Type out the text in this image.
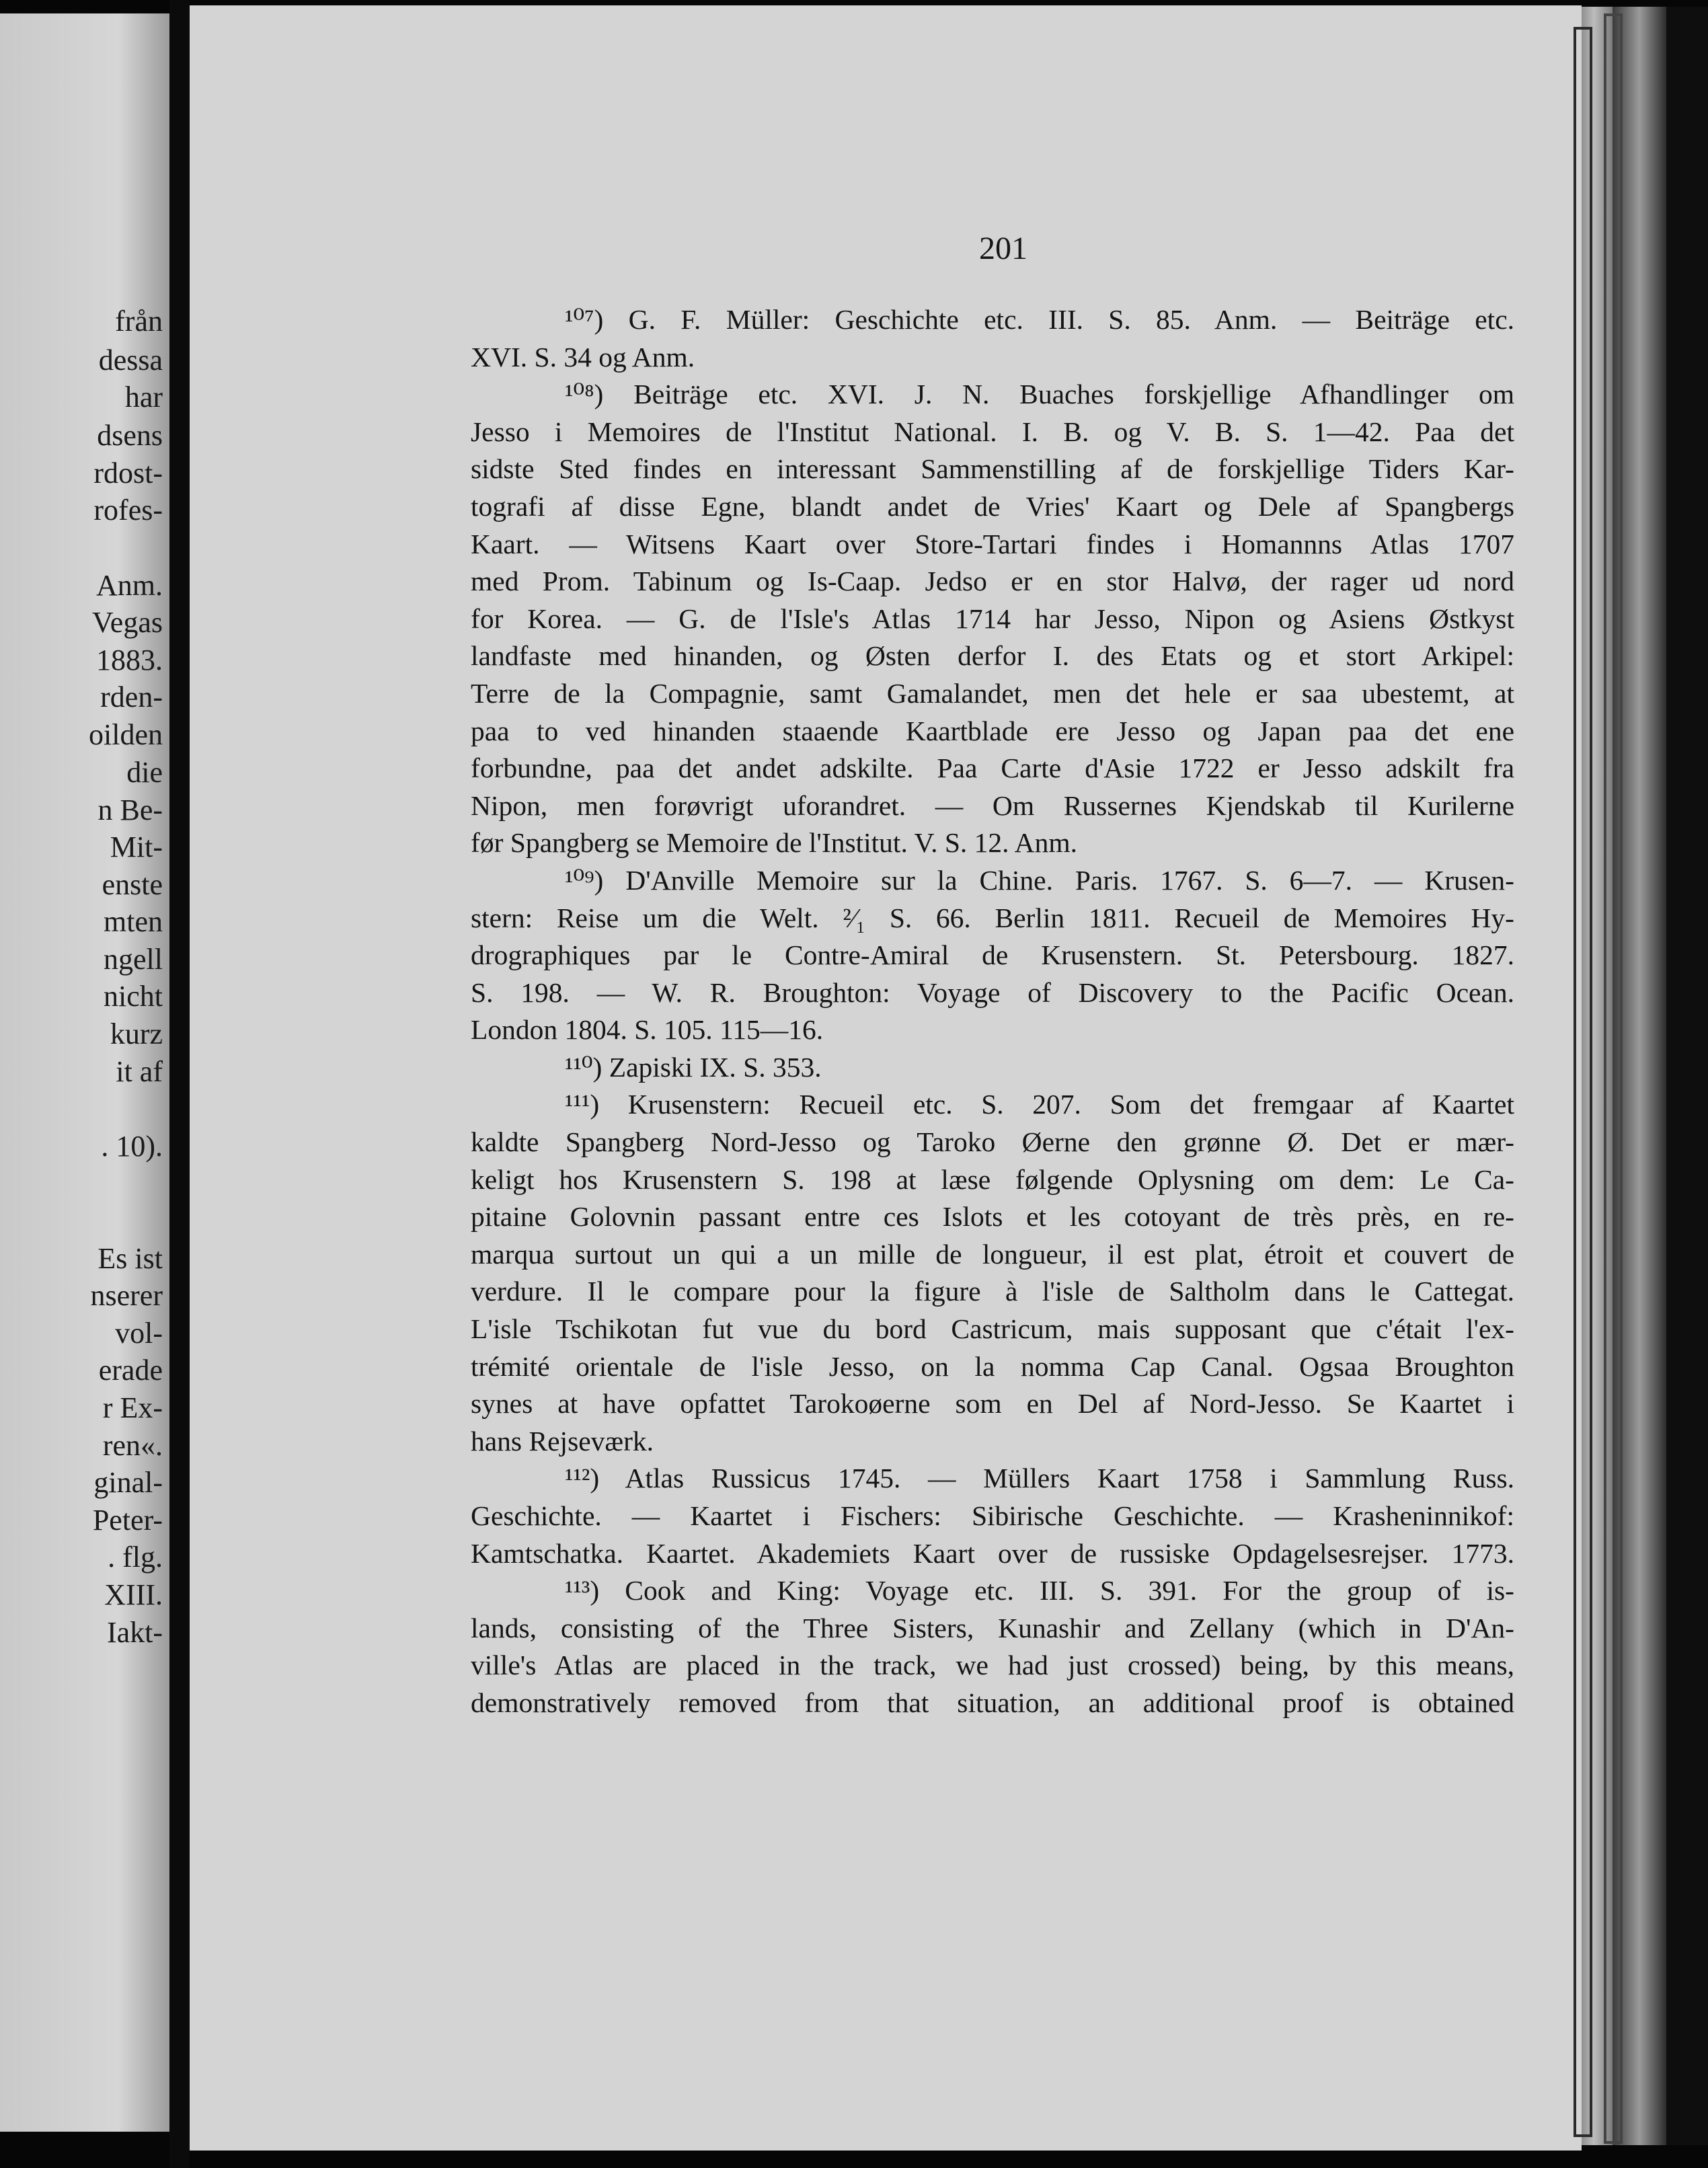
från
dessa
har
dsens
rdost-
rofes-
Anm.
Vegas
1883.
rden-
oilden
die
n Be-
Mit-
enste
mten
ngell
nicht
kurz
it af
. 10).
Es ist
nserer
vol-
erade
r Ex-
ren«.
ginal-
Peter-
. flg.
XIII.
Iakt-
201
¹⁰⁷) G. F. Müller: Geschichte etc. III. S. 85. Anm. — Beiträge etc.
XVI. S. 34 og Anm.
¹⁰⁸) Beiträge etc. XVI. J. N. Buaches forskjellige Afhandlinger om
Jesso i Memoires de l'Institut National. I. B. og V. B. S. 1—42. Paa det
sidste Sted findes en interessant Sammenstilling af de forskjellige Tiders Kar-
tografi af disse Egne, blandt andet de Vries' Kaart og Dele af Spangbergs
Kaart. — Witsens Kaart over Store-Tartari findes i Homannns Atlas 1707
med Prom. Tabinum og Is-Caap. Jedso er en stor Halvø, der rager ud nord
for Korea. — G. de l'Isle's Atlas 1714 har Jesso, Nipon og Asiens Østkyst
landfaste med hinanden, og Østen derfor I. des Etats og et stort Arkipel:
Terre de la Compagnie, samt Gamalandet, men det hele er saa ubestemt, at
paa to ved hinanden staaende Kaartblade ere Jesso og Japan paa det ene
forbundne, paa det andet adskilte. Paa Carte d'Asie 1722 er Jesso adskilt fra
Nipon, men forøvrigt uforandret. — Om Russernes Kjendskab til Kurilerne
før Spangberg se Memoire de l'Institut. V. S. 12. Anm.
¹⁰⁹) D'Anville Memoire sur la Chine. Paris. 1767. S. 6—7. — Krusen-
stern: Reise um die Welt. ²⁄₁ S. 66. Berlin 1811. Recueil de Memoires Hy-
drographiques par le Contre-Amiral de Krusenstern. St. Petersbourg. 1827.
S. 198. — W. R. Broughton: Voyage of Discovery to the Pacific Ocean.
London 1804. S. 105. 115—16.
¹¹⁰) Zapiski IX. S. 353.
¹¹¹) Krusenstern: Recueil etc. S. 207. Som det fremgaar af Kaartet
kaldte Spangberg Nord-Jesso og Taroko Øerne den grønne Ø. Det er mær-
keligt hos Krusenstern S. 198 at læse følgende Oplysning om dem: Le Ca-
pitaine Golovnin passant entre ces Islots et les cotoyant de très près, en re-
marqua surtout un qui a un mille de longueur, il est plat, étroit et couvert de
verdure. Il le compare pour la figure à l'isle de Saltholm dans le Cattegat.
L'isle Tschikotan fut vue du bord Castricum, mais supposant que c'était l'ex-
trémité orientale de l'isle Jesso, on la nomma Cap Canal. Ogsaa Broughton
synes at have opfattet Tarokoøerne som en Del af Nord-Jesso. Se Kaartet i
hans Rejseværk.
¹¹²) Atlas Russicus 1745. — Müllers Kaart 1758 i Sammlung Russ.
Geschichte. — Kaartet i Fischers: Sibirische Geschichte. — Krasheninnikof:
Kamtschatka. Kaartet. Akademiets Kaart over de russiske Opdagelsesrejser. 1773.
¹¹³) Cook and King: Voyage etc. III. S. 391. For the group of is-
lands, consisting of the Three Sisters, Kunashir and Zellany (which in D'An-
ville's Atlas are placed in the track, we had just crossed) being, by this means,
demonstratively removed from that situation, an additional proof is obtained
